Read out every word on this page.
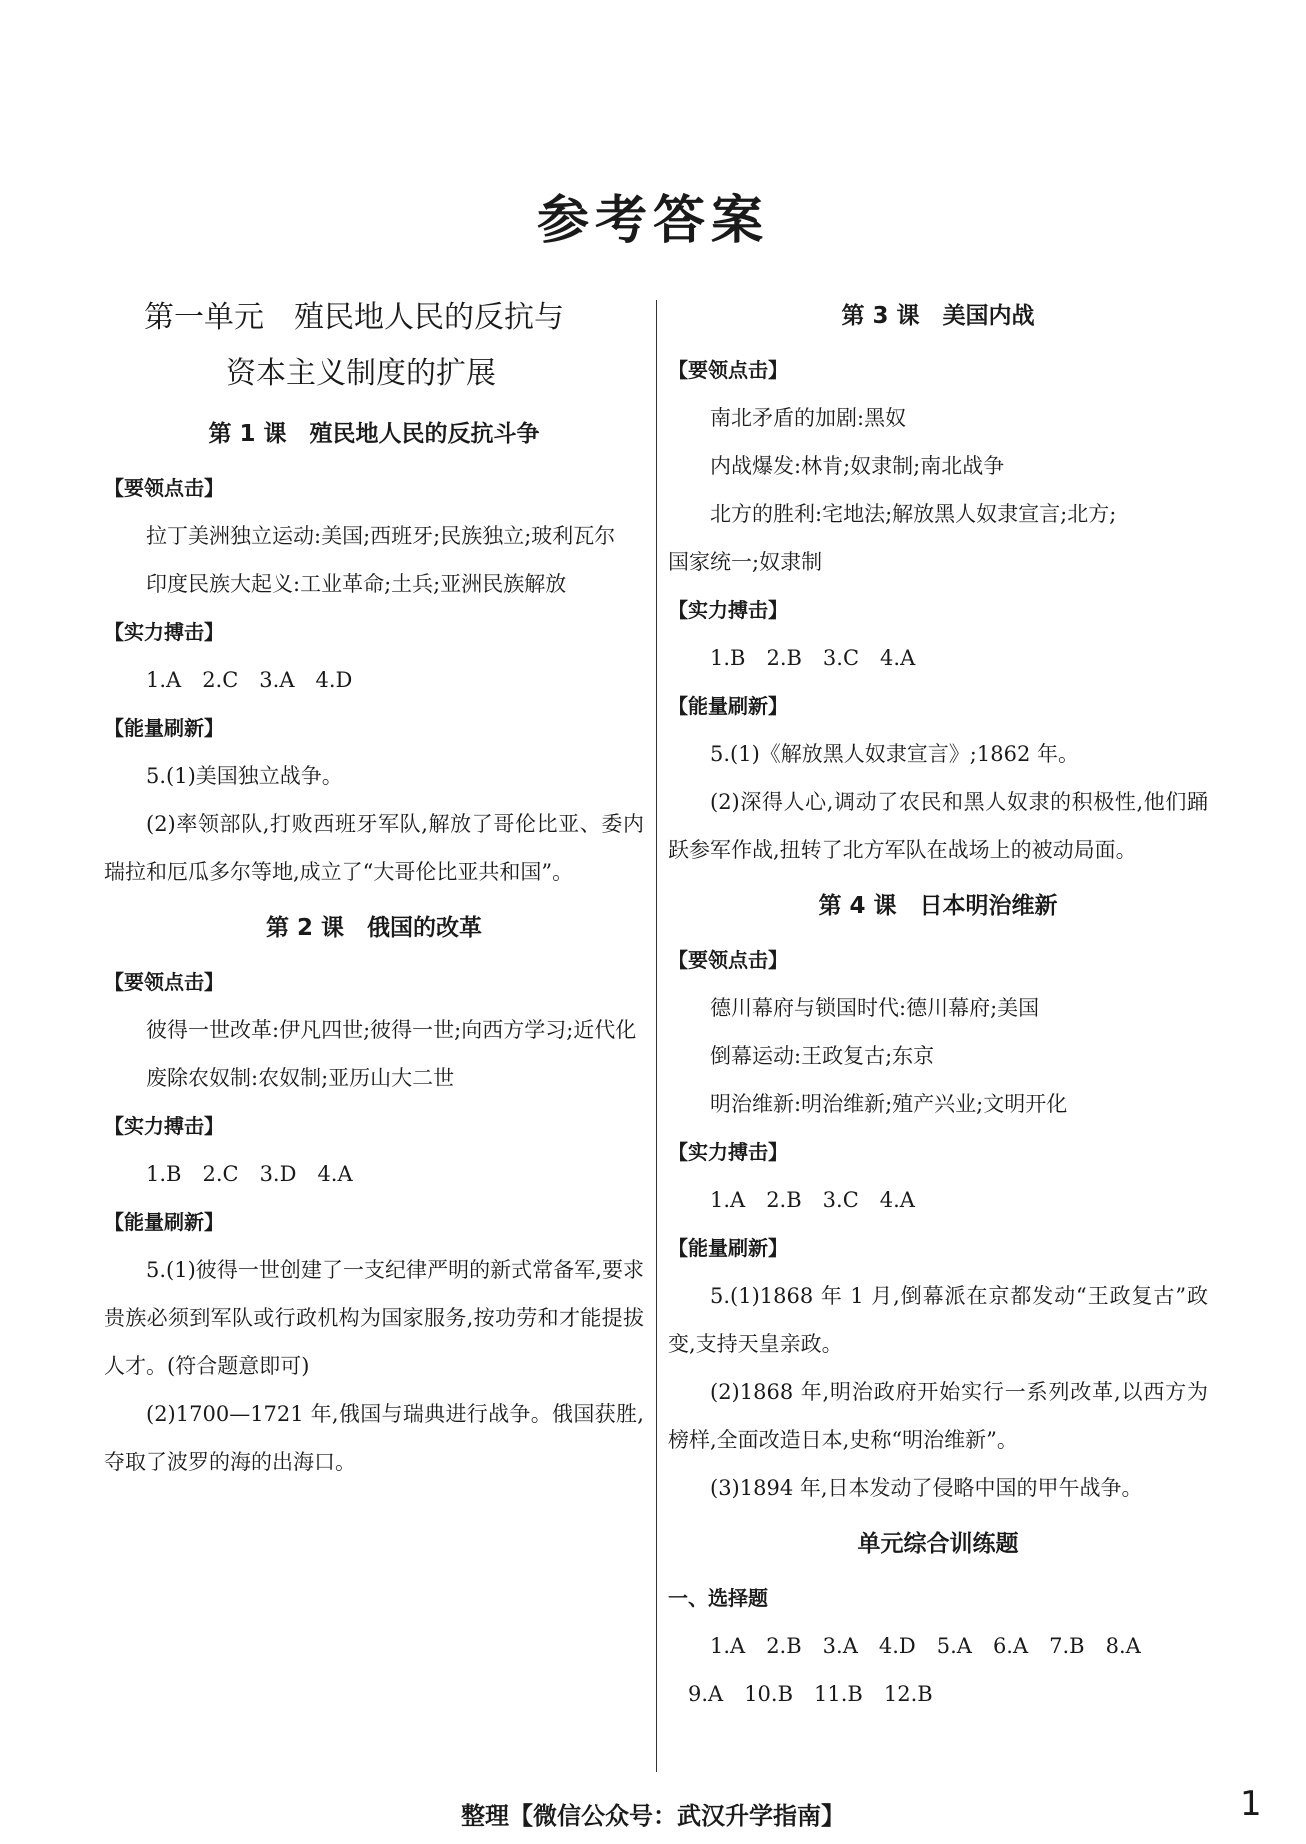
参考答案
第一单元　殖民地人民的反抗与
资本主义制度的扩展
第 1 课　殖民地人民的反抗斗争
【要领点击】
拉丁美洲独立运动:美国;西班牙;民族独立;玻利瓦尔
印度民族大起义:工业革命;土兵;亚洲民族解放
【实力搏击】
1.A　2.C　3.A　4.D
【能量刷新】
5.(1)美国独立战争。
(2)率领部队,打败西班牙军队,解放了哥伦比亚、委内瑞拉和厄瓜多尔等地,成立了“大哥伦比亚共和国”。
第 2 课　俄国的改革
【要领点击】
彼得一世改革:伊凡四世;彼得一世;向西方学习;近代化
废除农奴制:农奴制;亚历山大二世
【实力搏击】
1.B　2.C　3.D　4.A
【能量刷新】
5.(1)彼得一世创建了一支纪律严明的新式常备军,要求贵族必须到军队或行政机构为国家服务,按功劳和才能提拔人才。(符合题意即可)
(2)1700—1721 年,俄国与瑞典进行战争。俄国获胜,夺取了波罗的海的出海口。
第 3 课　美国内战
【要领点击】
南北矛盾的加剧:黑奴
内战爆发:林肯;奴隶制;南北战争
北方的胜利:宅地法;解放黑人奴隶宣言;北方;
国家统一;奴隶制
【实力搏击】
1.B　2.B　3.C　4.A
【能量刷新】
5.(1)《解放黑人奴隶宣言》;1862 年。
(2)深得人心,调动了农民和黑人奴隶的积极性,他们踊跃参军作战,扭转了北方军队在战场上的被动局面。
第 4 课　日本明治维新
【要领点击】
德川幕府与锁国时代:德川幕府;美国
倒幕运动:王政复古;东京
明治维新:明治维新;殖产兴业;文明开化
【实力搏击】
1.A　2.B　3.C　4.A
【能量刷新】
5.(1)1868 年 1 月,倒幕派在京都发动“王政复古”政变,支持天皇亲政。
(2)1868 年,明治政府开始实行一系列改革,以西方为榜样,全面改造日本,史称“明治维新”。
(3)1894 年,日本发动了侵略中国的甲午战争。
单元综合训练题
一、选择题
1.A　2.B　3.A　4.D　5.A　6.A　7.B　8.A
9.A　10.B　11.B　12.B
整理【微信公众号：武汉升学指南】	1
